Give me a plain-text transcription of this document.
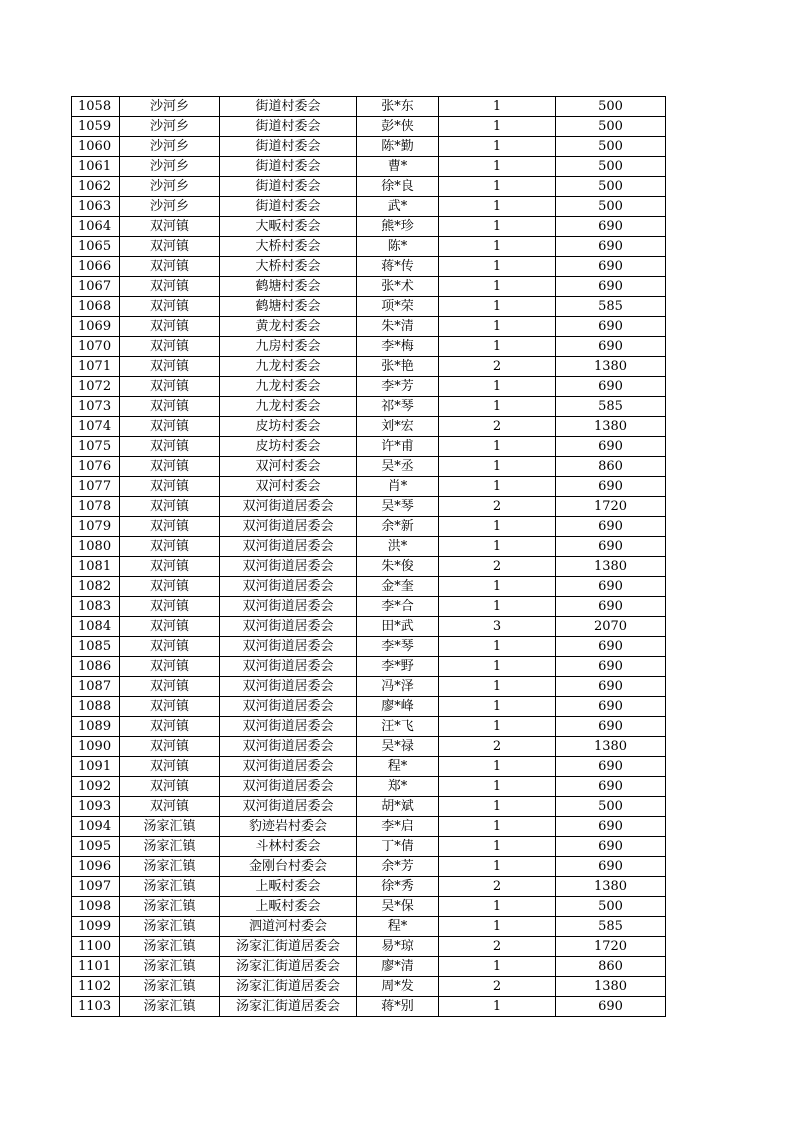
1058	沙河乡	街道村委会	张*东	1	500
1059	沙河乡	街道村委会	彭*侠	1	500
1060	沙河乡	街道村委会	陈*勤	1	500
1061	沙河乡	街道村委会	曹*	1	500
1062	沙河乡	街道村委会	徐*良	1	500
1063	沙河乡	街道村委会	武*	1	500
1064	双河镇	大畈村委会	熊*珍	1	690
1065	双河镇	大桥村委会	陈*	1	690
1066	双河镇	大桥村委会	蒋*传	1	690
1067	双河镇	鹤塘村委会	张*术	1	690
1068	双河镇	鹤塘村委会	项*荣	1	585
1069	双河镇	黄龙村委会	朱*清	1	690
1070	双河镇	九房村委会	李*梅	1	690
1071	双河镇	九龙村委会	张*艳	2	1380
1072	双河镇	九龙村委会	李*芳	1	690
1073	双河镇	九龙村委会	祁*琴	1	585
1074	双河镇	皮坊村委会	刘*宏	2	1380
1075	双河镇	皮坊村委会	许*甫	1	690
1076	双河镇	双河村委会	吴*丞	1	860
1077	双河镇	双河村委会	肖*	1	690
1078	双河镇	双河街道居委会	吴*琴	2	1720
1079	双河镇	双河街道居委会	余*新	1	690
1080	双河镇	双河街道居委会	洪*	1	690
1081	双河镇	双河街道居委会	朱*俊	2	1380
1082	双河镇	双河街道居委会	金*奎	1	690
1083	双河镇	双河街道居委会	李*合	1	690
1084	双河镇	双河街道居委会	田*武	3	2070
1085	双河镇	双河街道居委会	李*琴	1	690
1086	双河镇	双河街道居委会	李*野	1	690
1087	双河镇	双河街道居委会	冯*泽	1	690
1088	双河镇	双河街道居委会	廖*峰	1	690
1089	双河镇	双河街道居委会	汪*飞	1	690
1090	双河镇	双河街道居委会	吴*禄	2	1380
1091	双河镇	双河街道居委会	程*	1	690
1092	双河镇	双河街道居委会	郑*	1	690
1093	双河镇	双河街道居委会	胡*斌	1	500
1094	汤家汇镇	豹迹岩村委会	李*启	1	690
1095	汤家汇镇	斗林村委会	丁*倩	1	690
1096	汤家汇镇	金刚台村委会	余*芳	1	690
1097	汤家汇镇	上畈村委会	徐*秀	2	1380
1098	汤家汇镇	上畈村委会	吴*保	1	500
1099	汤家汇镇	泗道河村委会	程*	1	585
1100	汤家汇镇	汤家汇街道居委会	易*琼	2	1720
1101	汤家汇镇	汤家汇街道居委会	廖*清	1	860
1102	汤家汇镇	汤家汇街道居委会	周*发	2	1380
1103	汤家汇镇	汤家汇街道居委会	蒋*别	1	690
